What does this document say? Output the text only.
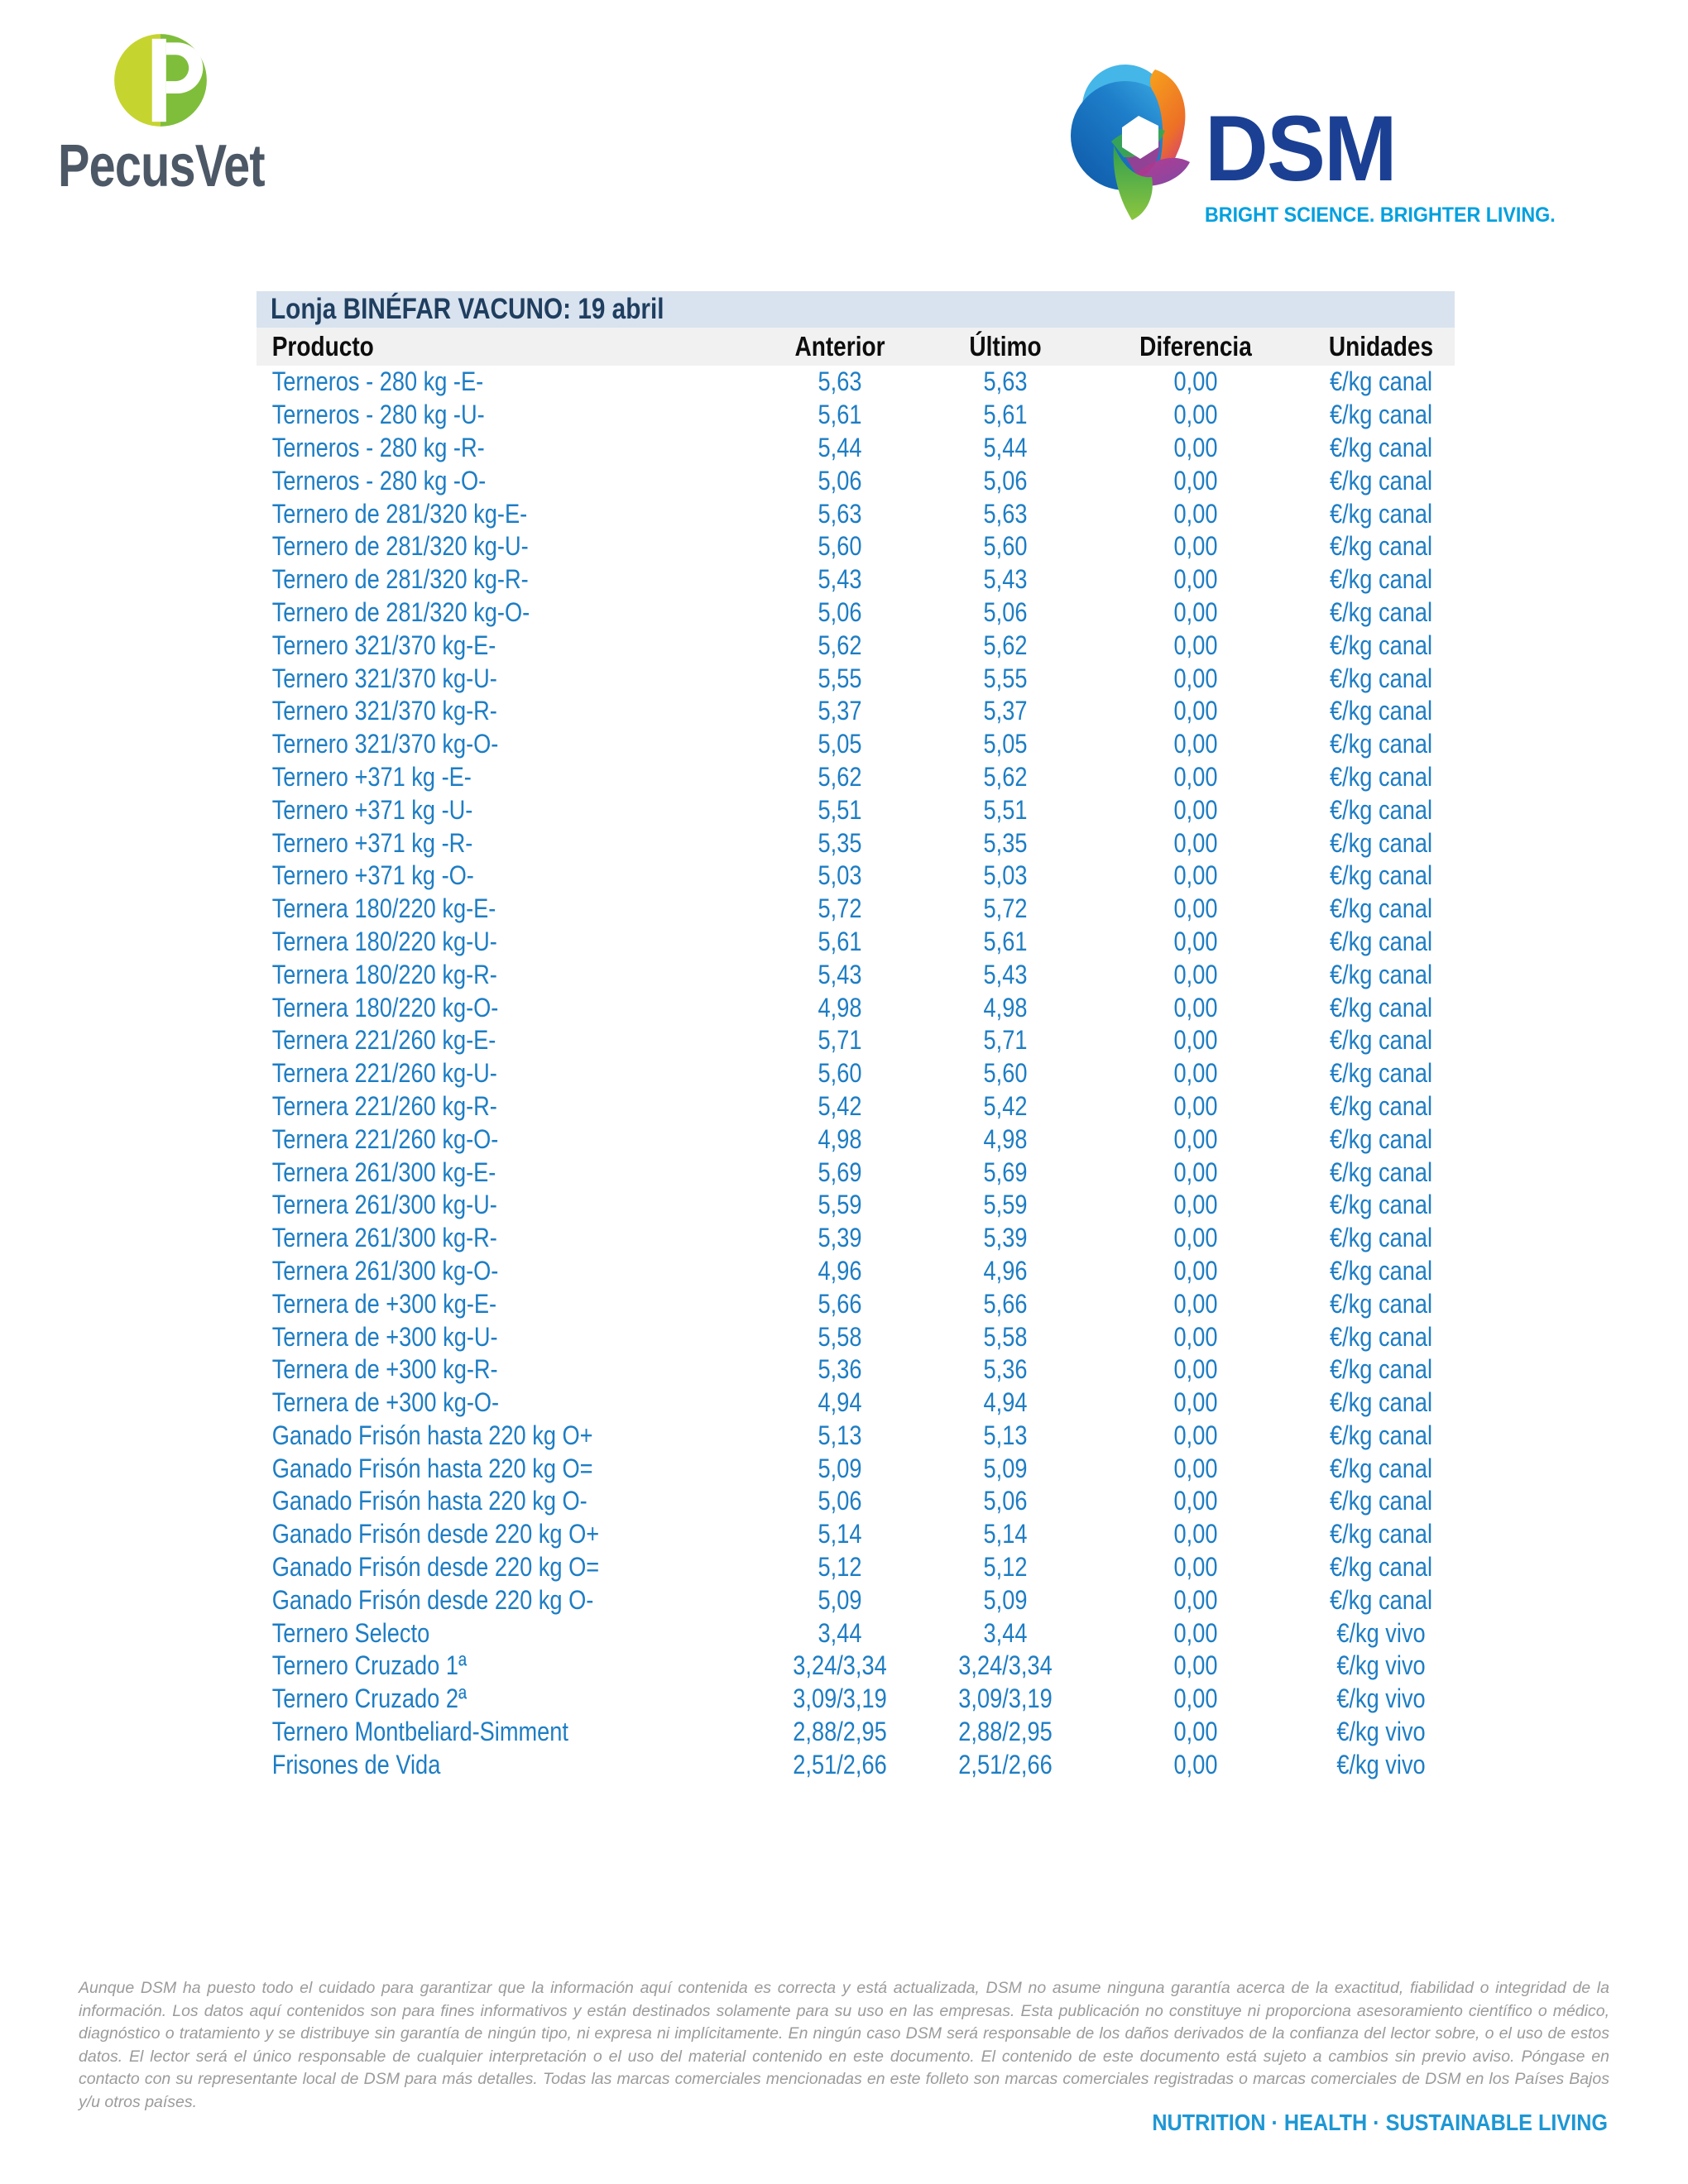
PecusVet	DSM
BRIGHT SCIENCE. BRIGHTER LIVING.
Lonja BINÉFAR VACUNO: 19 abril
Producto	Anterior	Último	Diferencia	Unidades
Terneros - 280 kg -E-	5,63	5,63	0,00	€/kg canal
Terneros - 280 kg -U-	5,61	5,61	0,00	€/kg canal
Terneros - 280 kg -R-	5,44	5,44	0,00	€/kg canal
Terneros - 280 kg -O-	5,06	5,06	0,00	€/kg canal
Ternero de 281/320 kg-E-	5,63	5,63	0,00	€/kg canal
Ternero de 281/320 kg-U-	5,60	5,60	0,00	€/kg canal
Ternero de 281/320 kg-R-	5,43	5,43	0,00	€/kg canal
Ternero de 281/320 kg-O-	5,06	5,06	0,00	€/kg canal
Ternero 321/370 kg-E-	5,62	5,62	0,00	€/kg canal
Ternero 321/370 kg-U-	5,55	5,55	0,00	€/kg canal
Ternero 321/370 kg-R-	5,37	5,37	0,00	€/kg canal
Ternero 321/370 kg-O-	5,05	5,05	0,00	€/kg canal
Ternero +371 kg -E-	5,62	5,62	0,00	€/kg canal
Ternero +371 kg -U-	5,51	5,51	0,00	€/kg canal
Ternero +371 kg -R-	5,35	5,35	0,00	€/kg canal
Ternero +371 kg -O-	5,03	5,03	0,00	€/kg canal
Ternera 180/220 kg-E-	5,72	5,72	0,00	€/kg canal
Ternera 180/220 kg-U-	5,61	5,61	0,00	€/kg canal
Ternera 180/220 kg-R-	5,43	5,43	0,00	€/kg canal
Ternera 180/220 kg-O-	4,98	4,98	0,00	€/kg canal
Ternera 221/260 kg-E-	5,71	5,71	0,00	€/kg canal
Ternera 221/260 kg-U-	5,60	5,60	0,00	€/kg canal
Ternera 221/260 kg-R-	5,42	5,42	0,00	€/kg canal
Ternera 221/260 kg-O-	4,98	4,98	0,00	€/kg canal
Ternera 261/300 kg-E-	5,69	5,69	0,00	€/kg canal
Ternera 261/300 kg-U-	5,59	5,59	0,00	€/kg canal
Ternera 261/300 kg-R-	5,39	5,39	0,00	€/kg canal
Ternera 261/300 kg-O-	4,96	4,96	0,00	€/kg canal
Ternera de +300 kg-E-	5,66	5,66	0,00	€/kg canal
Ternera de +300 kg-U-	5,58	5,58	0,00	€/kg canal
Ternera de +300 kg-R-	5,36	5,36	0,00	€/kg canal
Ternera de +300 kg-O-	4,94	4,94	0,00	€/kg canal
Ganado Frisón hasta 220 kg O+	5,13	5,13	0,00	€/kg canal
Ganado Frisón hasta 220 kg O=	5,09	5,09	0,00	€/kg canal
Ganado Frisón hasta 220 kg O-	5,06	5,06	0,00	€/kg canal
Ganado Frisón desde 220 kg O+	5,14	5,14	0,00	€/kg canal
Ganado Frisón desde 220 kg O=	5,12	5,12	0,00	€/kg canal
Ganado Frisón desde 220 kg O-	5,09	5,09	0,00	€/kg canal
Ternero Selecto	3,44	3,44	0,00	€/kg vivo
Ternero Cruzado 1ª	3,24/3,34	3,24/3,34	0,00	€/kg vivo
Ternero Cruzado 2ª	3,09/3,19	3,09/3,19	0,00	€/kg vivo
Ternero Montbeliard-Simment	2,88/2,95	2,88/2,95	0,00	€/kg vivo
Frisones de Vida	2,51/2,66	2,51/2,66	0,00	€/kg vivo

Aunque DSM ha puesto todo el cuidado para garantizar que la información aquí contenida es correcta y está actualizada, DSM no asume ninguna garantía acerca de la exactitud, fiabilidad o integridad de la información. Los datos aquí contenidos son para fines informativos y están destinados solamente para su uso en las empresas. Esta publicación no constituye ni proporciona asesoramiento científico o médico, diagnóstico o tratamiento y se distribuye sin garantía de ningún tipo, ni expresa ni implícitamente. En ningún caso DSM será responsable de los daños derivados de la confianza del lector sobre, o el uso de estos datos. El lector será el único responsable de cualquier interpretación o el uso del material contenido en este documento. El contenido de este documento está sujeto a cambios sin previo aviso. Póngase en contacto con su representante local de DSM para más detalles. Todas las marcas comerciales mencionadas en este folleto son marcas comerciales registradas o marcas comerciales de DSM en los Países Bajos y/u otros países.

NUTRITION · HEALTH · SUSTAINABLE LIVING
